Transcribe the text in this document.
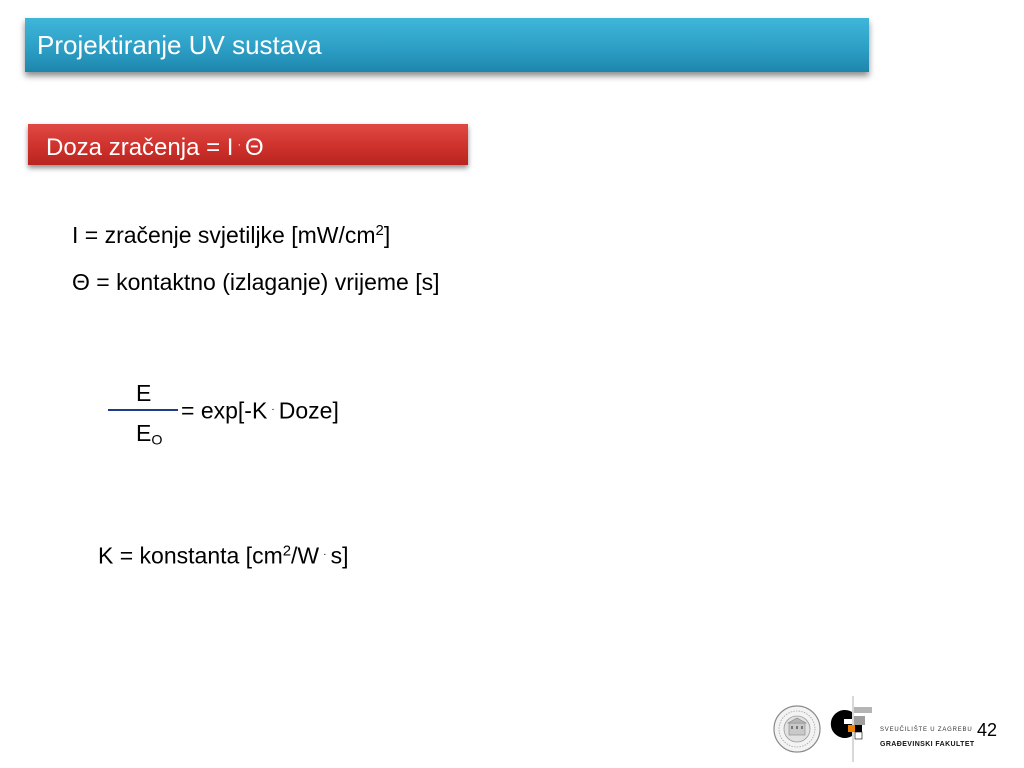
Projektiranje UV sustava
Doza zračenja = I · Θ
I = zračenje svjetiljke $[mW/cm^2]$
Θ = kontaktno (izlaganje) vrijeme [s]
E
$E_O$
= exp[-K · Doze]
K = konstanta [$cm^2/W$ · s]
SVEUČILIŠTE U ZAGREBU
GRAĐEVINSKI FAKULTET
42
